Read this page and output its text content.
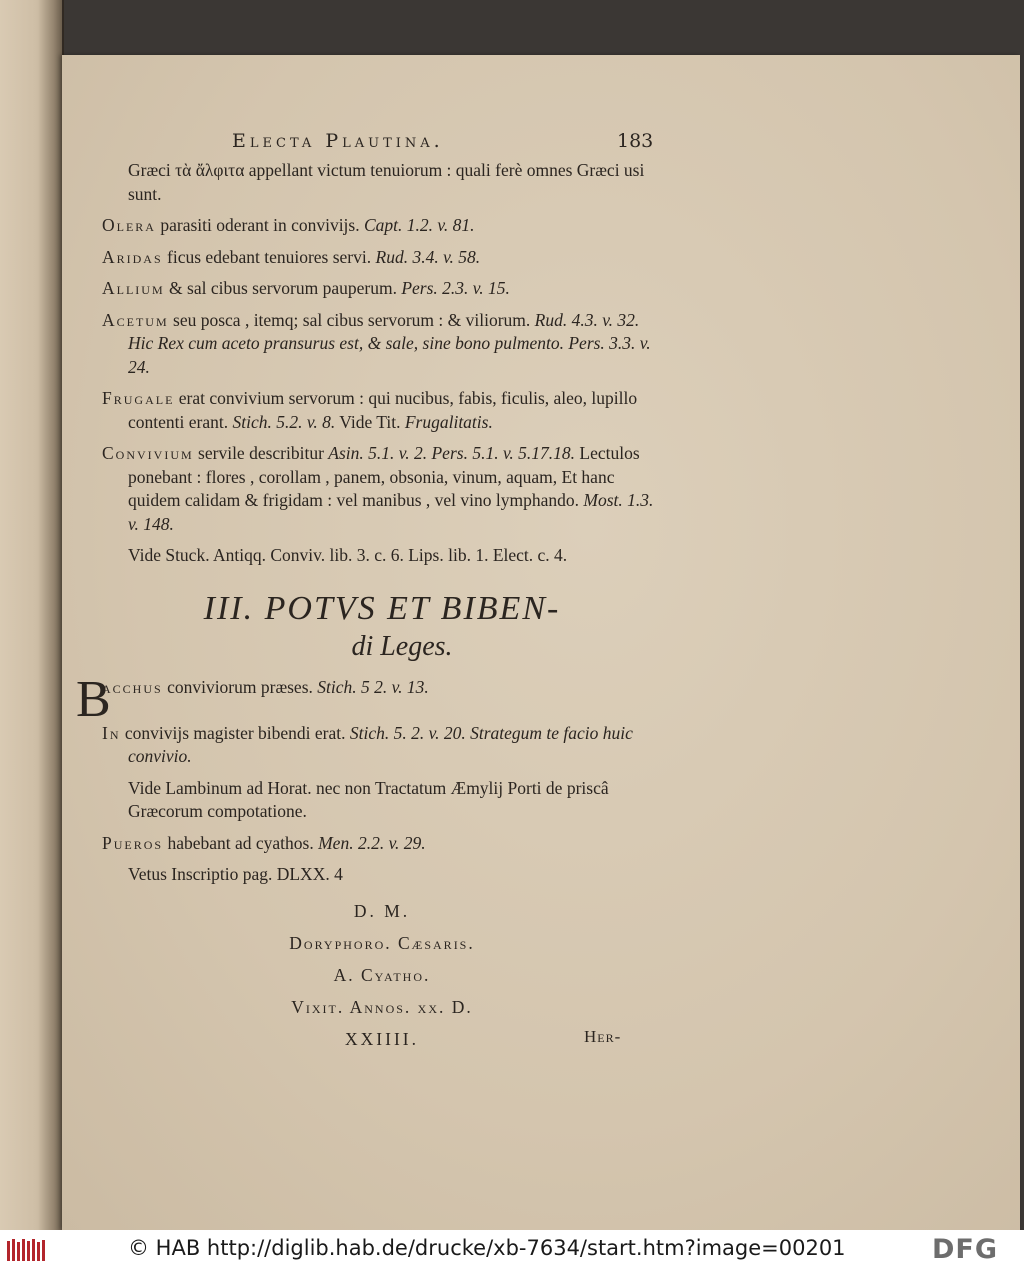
Electa Plautina.	183

Græci τὰ ἄλφιτα appellant victum tenuiorum : quali ferè omnes Græci usi sunt.

Olera parasiti oderant in convivijs. Capt. 1.2. v. 81.

Aridas ficus edebant tenuiores servi. Rud. 3.4. v. 58.

Allium & sal cibus servorum pauperum. Pers. 2.3. v. 15.

Acetum seu posca , itemq; sal cibus servorum : & viliorum. Rud. 4.3. v. 32. Hic Rex cum aceto pransurus est, & sale, sine bono pulmento. Pers. 3.3. v. 24.

Frugale erat convivium servorum : qui nucibus, fabis, ficulis, aleo, lupillo contenti erant. Stich. 5.2. v. 8. Vide Tit. Frugalitatis.

Convivium servile describitur Asin. 5.1. v. 2. Pers. 5.1. v. 5.17.18. Lectulos ponebant : flores , corollam , panem, obsonia, vinum, aquam, Et hanc quidem calidam & frigidam : vel manibus , vel vino lymphando. Most. 1.3. v. 148.

Vide Stuck. Antiqq. Conviv. lib. 3. c. 6. Lips. lib. 1. Elect. c. 4.

III. POTVS ET BIBEN-
di Leges.

B
acchus conviviorum præses. Stich. 5 2. v. 13.

In convivijs magister bibendi erat. Stich. 5. 2. v. 20. Strategum te facio huic convivio.

Vide Lambinum ad Horat. nec non Tractatum Æmylij Porti de priscâ Græcorum compotatione.

Pueros habebant ad cyathos. Men. 2.2. v. 29.

Vetus Inscriptio pag. DLXX. 4

D. M.
Doryphoro. Cæsaris.
A. Cyatho.
Vixit. Annos. xx. D.
XXIIII.	Her-
© HAB http://diglib.hab.de/drucke/xb-7634/start.htm?image=00201	DFG
